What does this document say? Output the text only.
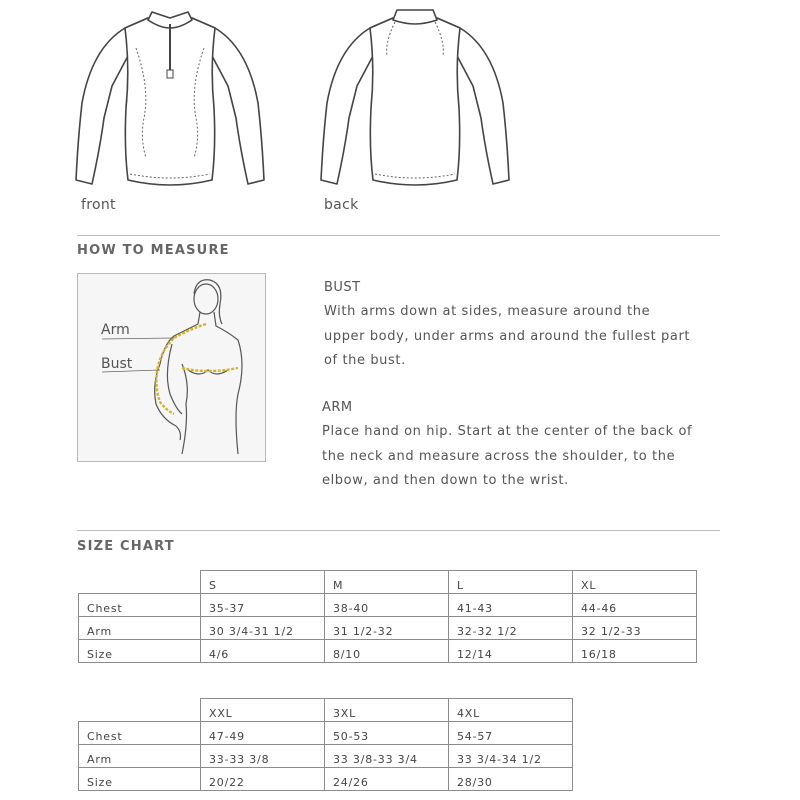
front	back
HOW TO MEASURE
Arm
Bust
BUST
With arms down at sides, measure around the
upper body, under arms and around the fullest part
of the bust.
ARM
Place hand on hip. Start at the center of the back of
the neck and measure across the shoulder, to the
elbow, and then down to the wrist.
SIZE CHART
	S	M	L	XL
Chest	35-37	38-40	41-43	44-46
Arm	30 3/4-31 1/2	31 1/2-32	32-32 1/2	32 1/2-33
Size	4/6	8/10	12/14	16/18
	XXL	3XL	4XL
Chest	47-49	50-53	54-57
Arm	33-33 3/8	33 3/8-33 3/4	33 3/4-34 1/2
Size	20/22	24/26	28/30
